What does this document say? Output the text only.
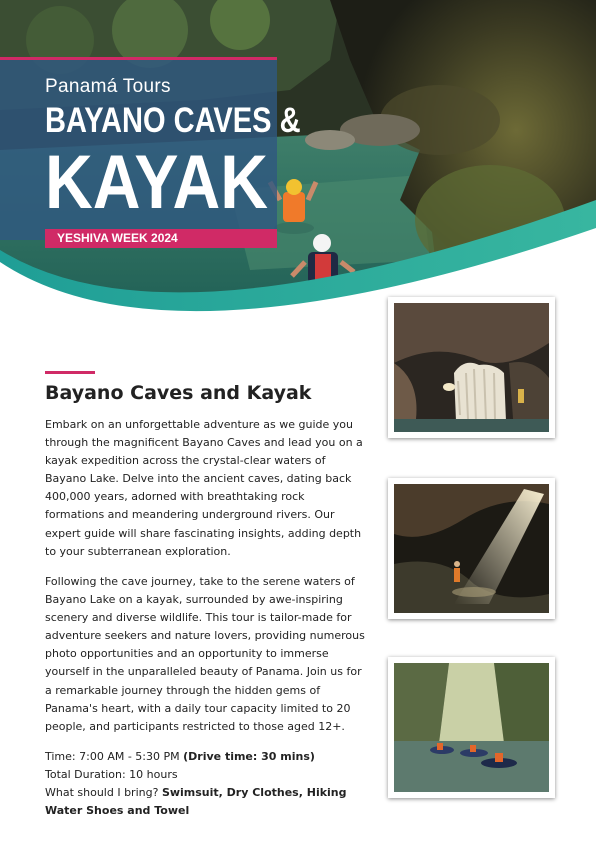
Panamá Tours
BAYANO CAVES &
KAYAK
YESHIVA WEEK 2024
Bayano Caves and Kayak

Embark on an unforgettable adventure as we guide you through the magnificent Bayano Caves and lead you on a kayak expedition across the crystal-clear waters of Bayano Lake. Delve into the ancient caves, dating back 400,000 years, adorned with breathtaking rock formations and meandering underground rivers. Our expert guide will share fascinating insights, adding depth to your subterranean exploration.

Following the cave journey, take to the serene waters of Bayano Lake on a kayak, surrounded by awe-inspiring scenery and diverse wildlife. This tour is tailor-made for adventure seekers and nature lovers, providing numerous photo opportunities and an opportunity to immerse yourself in the unparalleled beauty of Panama. Join us for a remarkable journey through the hidden gems of Panama's heart, with a daily tour capacity limited to 20 people, and participants restricted to those aged 12+.

Time: 7:00 AM - 5:30 PM (Drive time: 30 mins)
Total Duration: 10 hours
What should I bring? Swimsuit, Dry Clothes, Hiking Water Shoes and Towel
